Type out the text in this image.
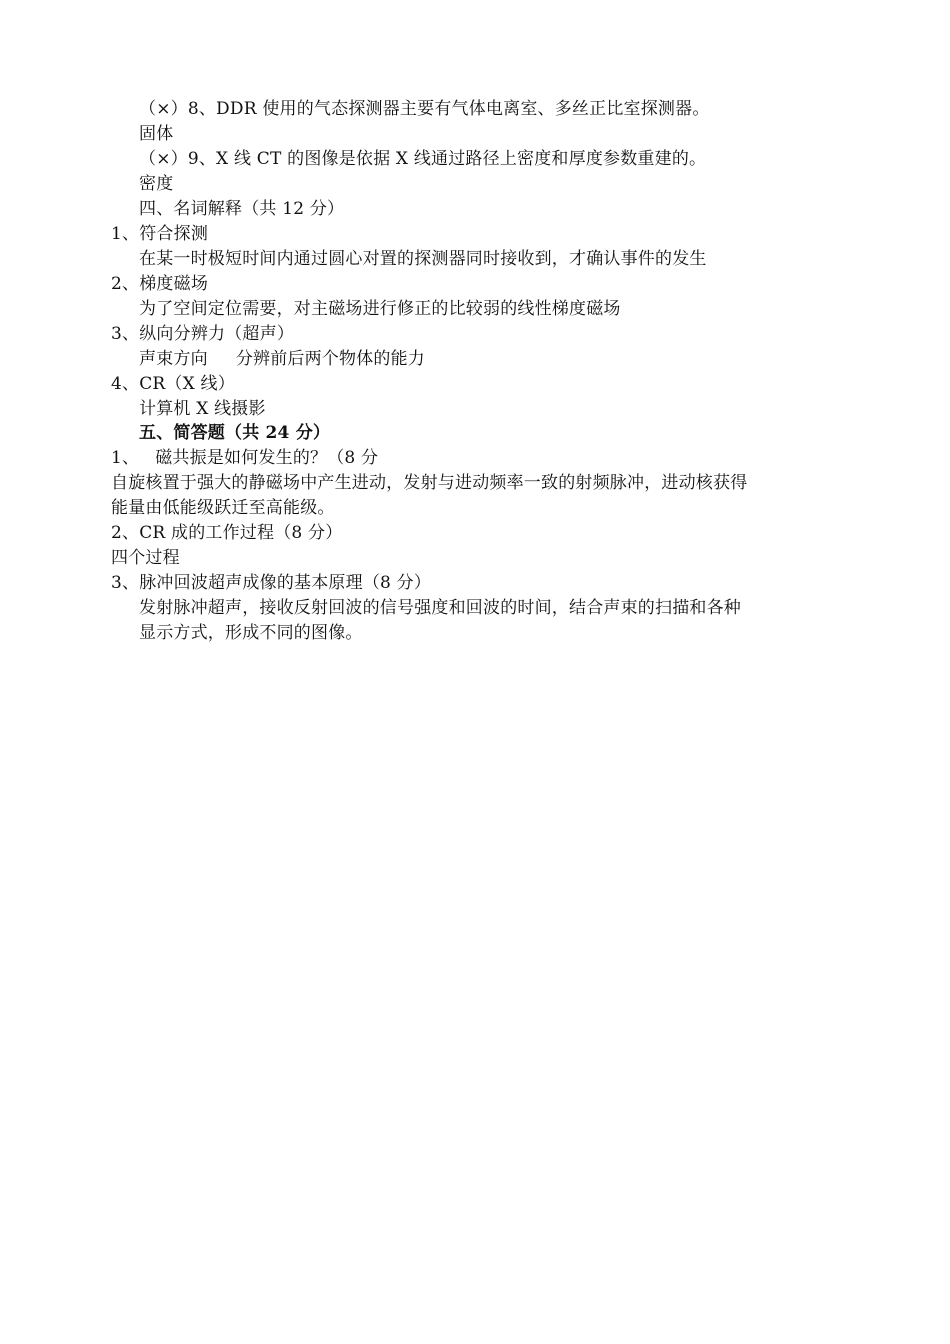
（×）8、DDR 使用的气态探测器主要有气体电离室、多丝正比室探测器。
固体
（×）9、X 线 CT 的图像是依据 X 线通过路径上密度和厚度参数重建的。
密度
四、名词解释（共 12 分）
1、符合探测
在某一时极短时间内通过圆心对置的探测器同时接收到，才确认事件的发生
2、梯度磁场
为了空间定位需要，对主磁场进行修正的比较弱的线性梯度磁场
3、纵向分辨力（超声）
声束方向 分辨前后两个物体的能力
4、CR（X 线）
计算机 X 线摄影
五、简答题（共 24 分）
1、 磁共振是如何发生的？（8 分
自旋核置于强大的静磁场中产生进动，发射与进动频率一致的射频脉冲，进动核获得
能量由低能级跃迁至高能级。
2、CR 成的工作过程（8 分）
四个过程
3、脉冲回波超声成像的基本原理（8 分）
发射脉冲超声，接收反射回波的信号强度和回波的时间，结合声束的扫描和各种
显示方式，形成不同的图像。
